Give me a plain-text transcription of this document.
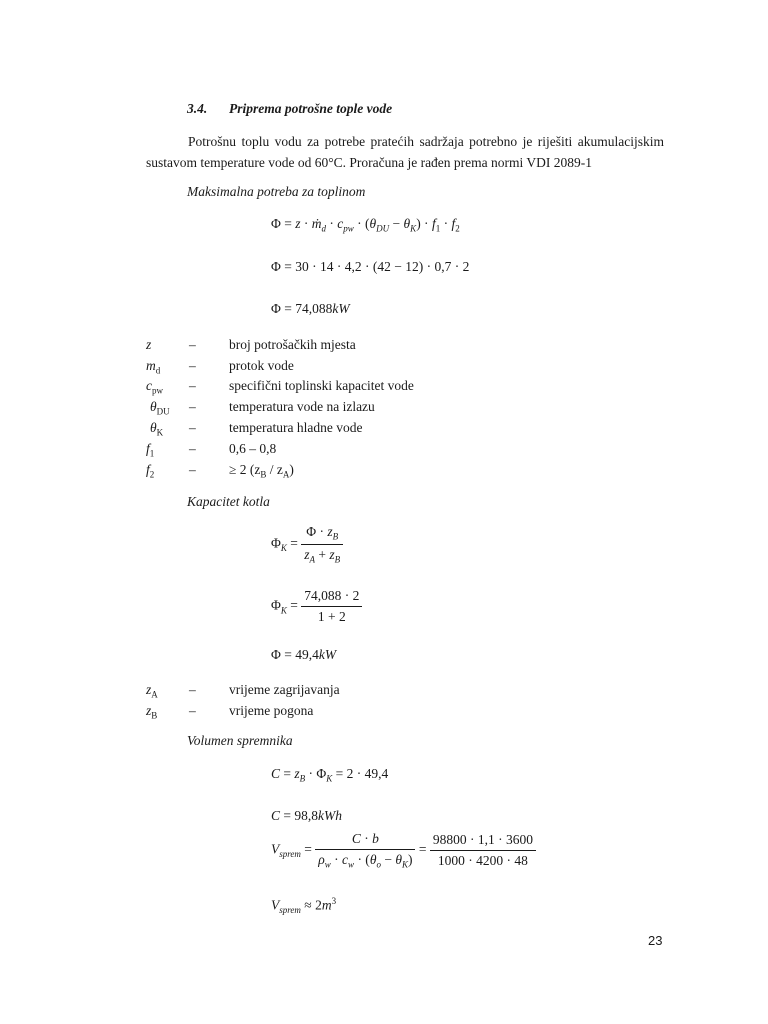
3.4. Priprema potrošne tople vode
Potrošnu toplu vodu za potrebe pratećih sadržaja potrebno je riješiti akumulacijskim sustavom temperature vode od 60°C. Proračuna je rađen prema normi VDI 2089-1
Maksimalna potreba za toplinom
Φ = z · ṁ$_d$ · $c_{pw} \cdot (\theta_{DU} - \theta_K) \cdot f_1 \cdot f_2$
Φ = 30 · 14 · 4,2 · (42 − 12) · 0,7 · 2
Φ = 74,088kW
z	– broj potrošačkih mjesta
$m_d$	– protok vode
$c_{pw}$	– specifični toplinski kapacitet vode
$\theta_{DU}$	– temperatura vode na izlazu
$\theta_K$	– temperatura hladne vode
$f_1$	– 0,6 – 0,8
$f_2$	– ≥ 2 $(z_B / z_A)$
Kapacitet kotla
$\Phi_K = \frac{\Phi \cdot z_B}{z_A + z_B}$
$\Phi_K = \frac{74,088 \cdot 2}{1 + 2}$
Φ = 49,4kW
$z_A$	– vrijeme zagrijavanja
$z_B$	– vrijeme pogona
Volumen spremnika
$C = z_B \cdot \Phi_K = 2 \cdot 49,4$
C = 98,8kWh
$V_{sprem} = \frac{C \cdot b}{\rho_w \cdot c_w \cdot (\theta_o - \theta_K)} = \frac{98800 \cdot 1,1 \cdot 3600}{1000 \cdot 4200 \cdot 48}$
$V_{sprem} \approx 2m^3$
23
